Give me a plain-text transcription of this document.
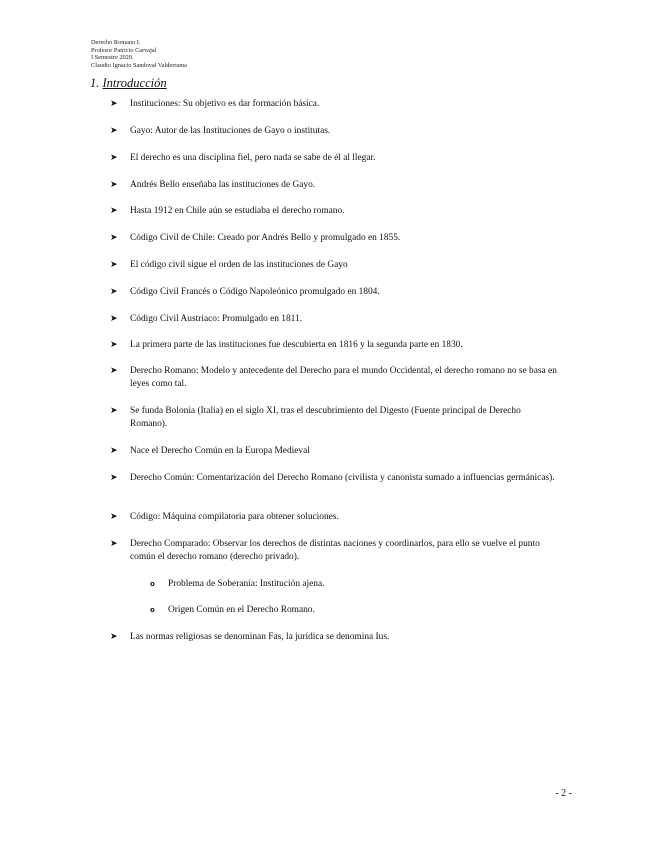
Derecho Romano I.
Profesor Patricio Carvajal
I Semestre 2020.
Claudio Ignacio Sandoval Valderrama
1. Introducción
➤ Instituciones: Su objetivo es dar formación básica.
➤ Gayo: Autor de las Instituciones de Gayo o institutas.
➤ El derecho es una disciplina fiel, pero nada se sabe de él al llegar.
➤ Andrés Bello enseñaba las instituciones de Gayo.
➤ Hasta 1912 en Chile aún se estudiaba el derecho romano.
➤ Código Civil de Chile: Creado por Andrés Bello y promulgado en 1855.
➤ El código civil sigue el orden de las instituciones de Gayo
➤ Código Civil Francés o Código Napoleónico promulgado en 1804.
➤ Código Civil Austriaco: Promulgado en 1811.
➤ La primera parte de las instituciones fue descubierta en 1816 y la segunda parte en 1830.
➤ Derecho Romano: Modelo y antecedente del Derecho para el mundo Occidental, el derecho romano no se basa en leyes como tal.
➤ Se funda Bolonia (Italia) en el siglo XI, tras el descubrimiento del Digesto (Fuente principal de Derecho Romano).
➤ Nace el Derecho Común en la Europa Medieval
➤ Derecho Común: Comentarización del Derecho Romano (civilista y canonista sumado a influencias germánicas).
➤ Código: Máquina compilatoria para obtener soluciones.
➤ Derecho Comparado: Observar los derechos de distintas naciones y coordinarlos, para ello se vuelve el punto común el derecho romano (derecho privado).
o Problema de Soberanía: Institución ajena.
o Origen Común en el Derecho Romano.
➤ Las normas religiosas se denominan Fas, la jurídica se denomina Ius.
- 2 -
